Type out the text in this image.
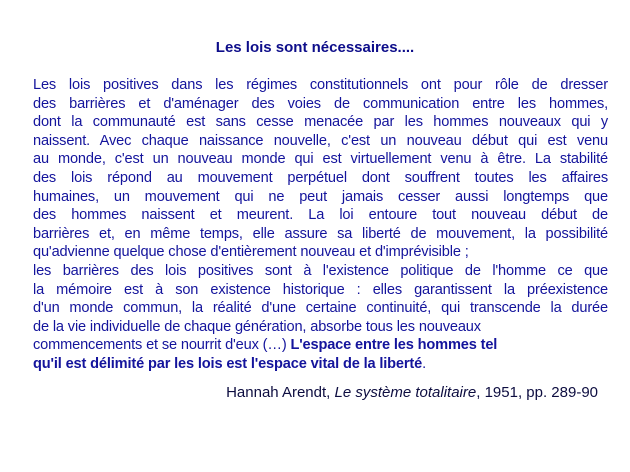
Les lois sont nécessaires....
Les lois positives dans les régimes constitutionnels ont pour rôle de dresser
des barrières et d'aménager des voies de communication entre les hommes,
dont la communauté est sans cesse menacée par les hommes nouveaux qui y
naissent. Avec chaque naissance nouvelle, c'est un nouveau début qui est venu
au monde, c'est un nouveau monde qui est virtuellement venu à être. La stabilité
des lois répond au mouvement perpétuel dont souffrent toutes les affaires
humaines, un mouvement qui ne peut jamais cesser aussi longtemps que
des hommes naissent et meurent. La loi entoure tout nouveau début de
barrières et, en même temps, elle assure sa liberté de mouvement, la possibilité
qu'advienne quelque chose d'entièrement nouveau et d'imprévisible ;
les barrières des lois positives sont à l'existence politique de l'homme ce que
la mémoire est à son existence historique : elles garantissent la préexistence
d'un monde commun, la réalité d'une certaine continuité, qui transcende la durée
de la vie individuelle de chaque génération, absorbe tous les nouveaux
commencements et se nourrit d'eux (…) L'espace entre les hommes tel
qu'il est délimité par les lois est l'espace vital de la liberté.
Hannah Arendt, Le système totalitaire, 1951, pp. 289-90
